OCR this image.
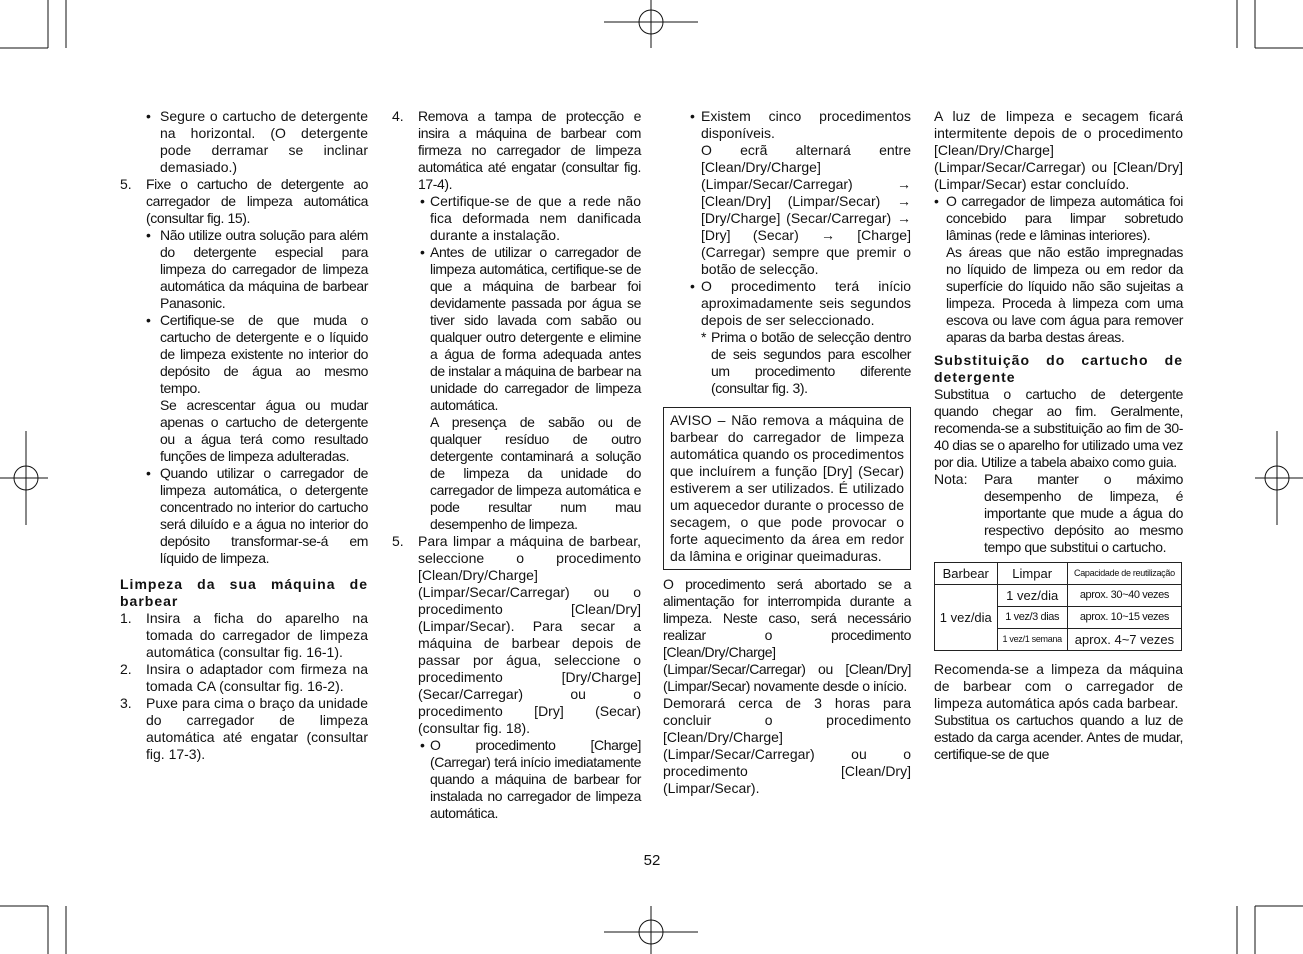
• Segure o cartucho de detergente na horizontal. (O detergente pode derramar se inclinar demasiado.)

5. Fixe o cartucho de detergente ao carregador de limpeza automática (consultar fig. 15).

• Não utilize outra solução para além do detergente especial para limpeza do carregador de limpeza automática da máquina de barbear Panasonic.

• Certifique-se de que muda o cartucho de detergente e o líquido de limpeza existente no interior do depósito de água ao mesmo tempo.

Se acrescentar água ou mudar apenas o cartucho de detergente ou a água terá como resultado funções de limpeza adulteradas.

• Quando utilizar o carregador de limpeza automática, o detergente concentrado no interior do cartucho será diluído e a água no interior do depósito transformar-se-á em líquido de limpeza.

Limpeza da sua máquina de barbear

1. Insira a ficha do aparelho na tomada do carregador de limpeza automática (consultar fig. 16-1).

2. Insira o adaptador com firmeza na tomada CA (consultar fig. 16-2).

3. Puxe para cima o braço da unidade do carregador de limpeza automática até engatar (consultar fig. 17-3).

4. Remova a tampa de protecção e insira a máquina de barbear com firmeza no carregador de limpeza automática até engatar (consultar fig. 17-4).

• Certifique-se de que a rede não fica deformada nem danificada durante a instalação.

• Antes de utilizar o carregador de limpeza automática, certifique-se de que a máquina de barbear foi devidamente passada por água se tiver sido lavada com sabão ou qualquer outro detergente e elimine a água de forma adequada antes de instalar a máquina de barbear na unidade do carregador de limpeza automática.

A presença de sabão ou de qualquer resíduo de outro detergente contaminará a solução de limpeza da unidade do carregador de limpeza automática e pode resultar num mau desempenho de limpeza.

5. Para limpar a máquina de barbear, seleccione o procedimento [Clean/Dry/Charge] (Limpar/Secar/Carregar) ou o procedimento [Clean/Dry] (Limpar/Secar). Para secar a máquina de barbear depois de passar por água, seleccione o procedimento [Dry/Charge] (Secar/Carregar) ou o procedimento [Dry] (Secar) (consultar fig. 18).

• O procedimento [Charge] (Carregar) terá início imediatamente quando a máquina de barbear for instalada no carregador de limpeza automática.

• Existem cinco procedimentos disponíveis.

O ecrã alternará entre [Clean/Dry/Charge] (Limpar/Secar/Carregar) → [Clean/Dry] (Limpar/Secar) → [Dry/Charge] (Secar/Carregar) → [Dry] (Secar) → [Charge] (Carregar) sempre que premir o botão de selecção.

• O procedimento terá início aproximadamente seis segundos depois de ser seleccionado.

* Prima o botão de selecção dentro de seis segundos para escolher um procedimento diferente (consultar fig. 3).

AVISO – Não remova a máquina de barbear do carregador de limpeza automática quando os procedimentos que incluírem a função [Dry] (Secar) estiverem a ser utilizados. É utilizado um aquecedor durante o processo de secagem, o que pode provocar o forte aquecimento da área em redor da lâmina e originar queimaduras.

O procedimento será abortado se a alimentação for interrompida durante a limpeza. Neste caso, será necessário realizar o procedimento [Clean/Dry/Charge] (Limpar/Secar/Carregar) ou [Clean/Dry] (Limpar/Secar) novamente desde o início.

Demorará cerca de 3 horas para concluir o procedimento [Clean/Dry/Charge] (Limpar/Secar/Carregar) ou o procedimento [Clean/Dry] (Limpar/Secar).

A luz de limpeza e secagem ficará intermitente depois de o procedimento [Clean/Dry/Charge] (Limpar/Secar/Carregar) ou [Clean/Dry] (Limpar/Secar) estar concluído.

• O carregador de limpeza automática foi concebido para limpar sobretudo lâminas (rede e lâminas interiores).

As áreas que não estão impregnadas no líquido de limpeza ou em redor da superfície do líquido não são sujeitas a limpeza. Proceda à limpeza com uma escova ou lave com água para remover aparas da barba destas áreas.

Substituição do cartucho de detergente

Substitua o cartucho de detergente quando chegar ao fim. Geralmente, recomenda-se a substituição ao fim de 30-40 dias se o aparelho for utilizado uma vez por dia. Utilize a tabela abaixo como guia.

Nota: Para manter o máximo desempenho de limpeza, é importante que mude a água do respectivo depósito ao mesmo tempo que substitui o cartucho.

Barbear	Limpar	Capacidade de reutilização
1 vez/dia	1 vez/dia	aprox. 30~40 vezes
	1 vez/3 dias	aprox. 10~15 vezes
	1 vez/1 semana	aprox. 4~7 vezes

Recomenda-se a limpeza da máquina de barbear com o carregador de limpeza automática após cada barbear.

Substitua os cartuchos quando a luz de estado da carga acender. Antes de mudar, certifique-se de que

52
